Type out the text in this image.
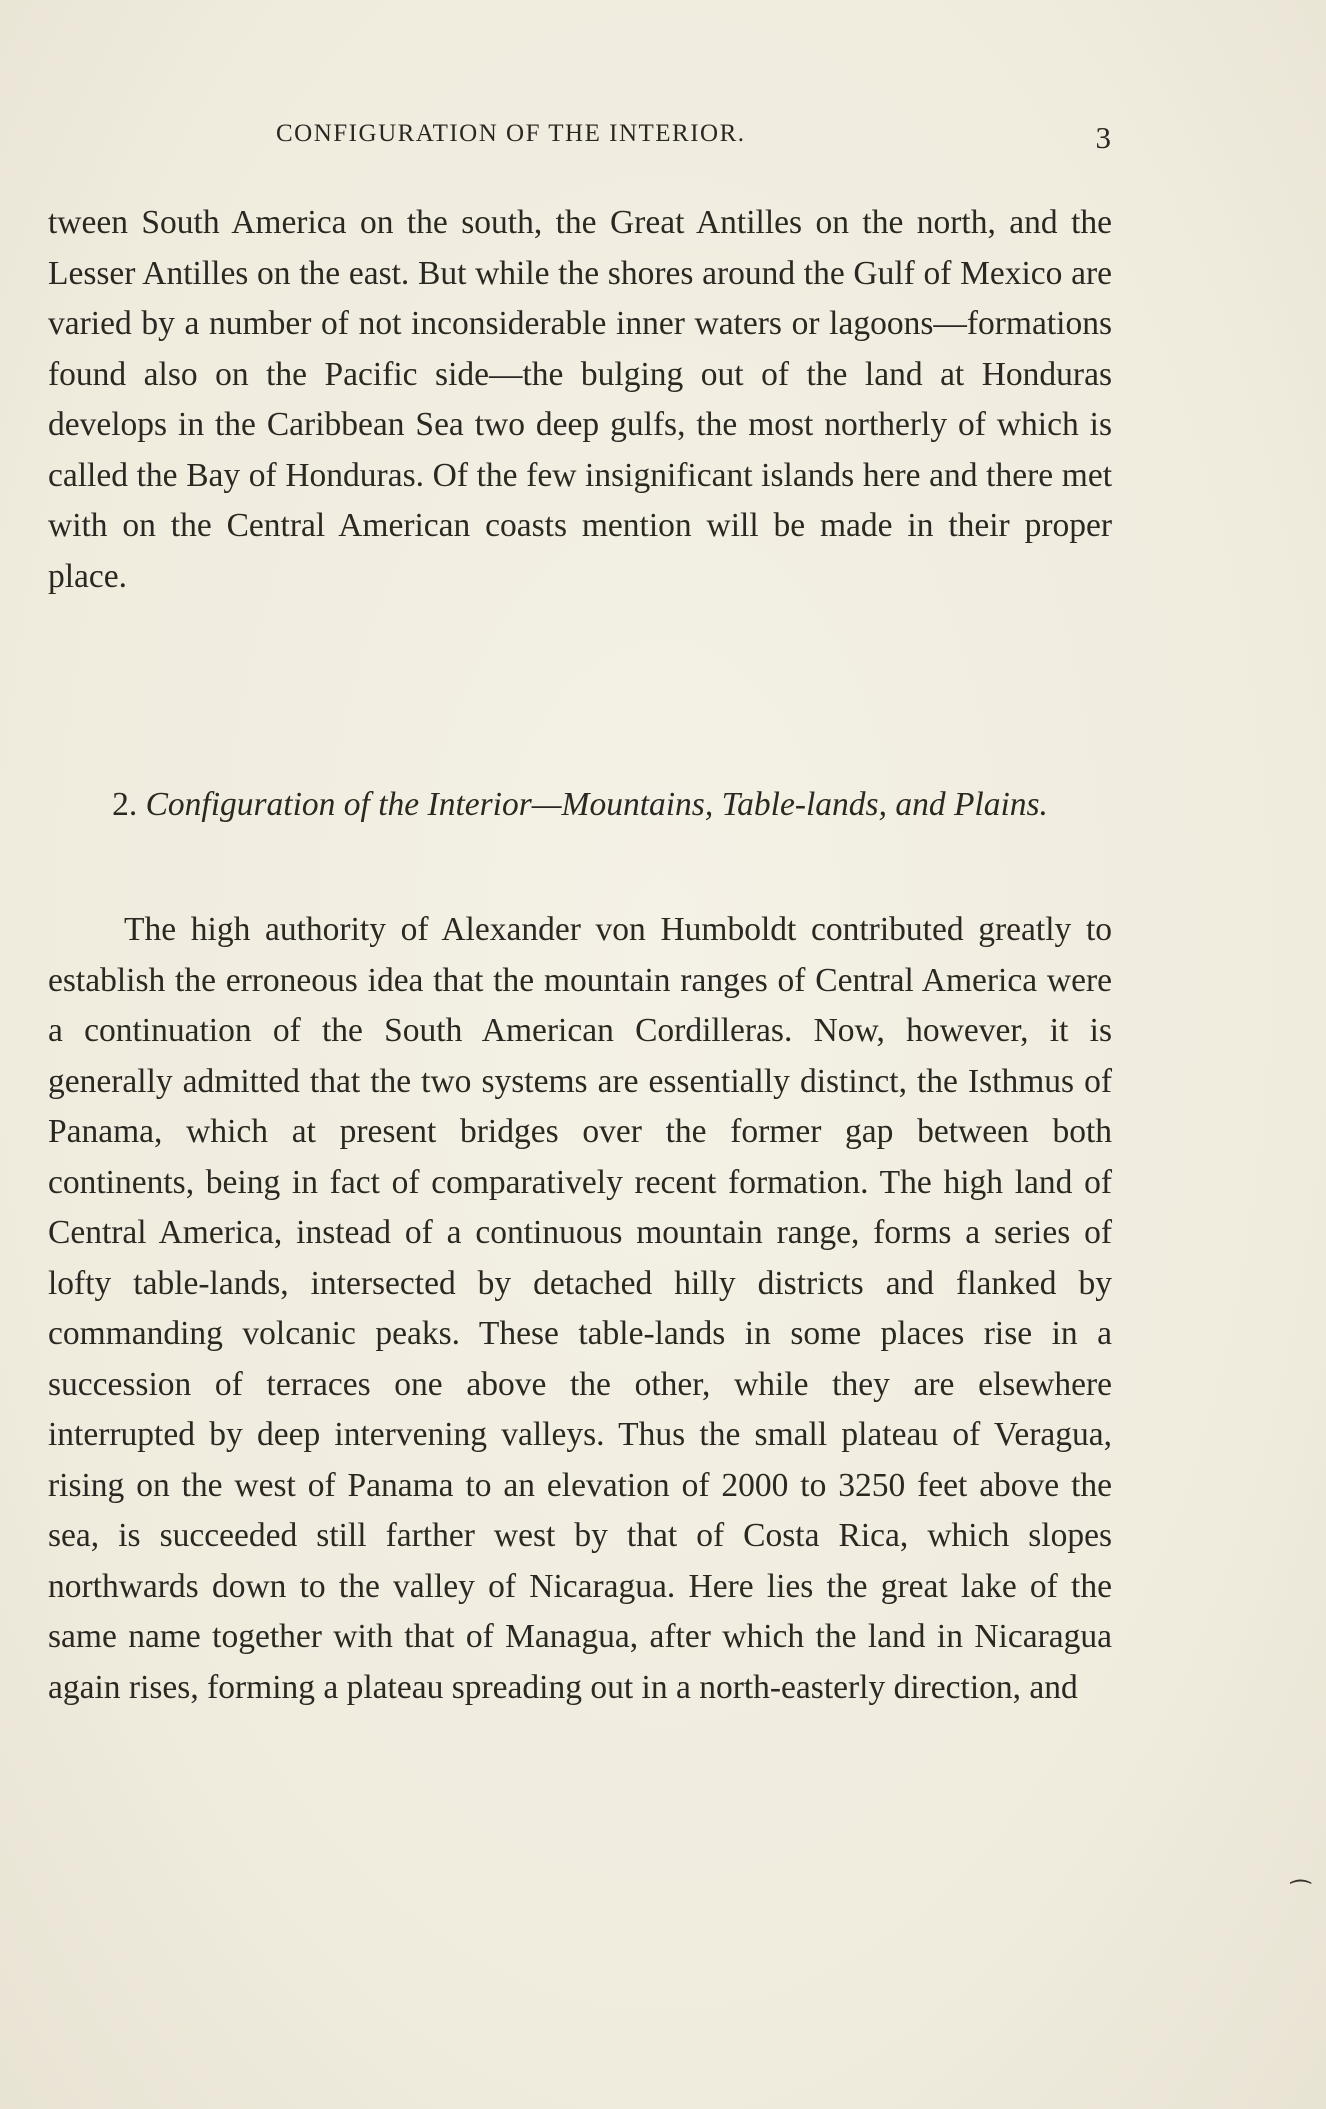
CONFIGURATION OF THE INTERIOR.	3
tween South America on the south, the Great Antilles on the north, and the Lesser Antilles on the east. But while the shores around the Gulf of Mexico are varied by a number of not inconsiderable inner waters or lagoons—formations found also on the Pacific side—the bulging out of the land at Honduras develops in the Caribbean Sea two deep gulfs, the most northerly of which is called the Bay of Honduras. Of the few insignificant islands here and there met with on the Central American coasts mention will be made in their proper place.
2. Configuration of the Interior—Mountains, Table-lands, and Plains.
The high authority of Alexander von Humboldt contributed greatly to establish the erroneous idea that the mountain ranges of Central America were a continuation of the South American Cordilleras. Now, however, it is generally admitted that the two systems are essentially distinct, the Isthmus of Panama, which at present bridges over the former gap between both continents, being in fact of comparatively recent formation. The high land of Central America, instead of a continuous mountain range, forms a series of lofty table-lands, intersected by detached hilly districts and flanked by commanding volcanic peaks. These table-lands in some places rise in a succession of terraces one above the other, while they are elsewhere interrupted by deep intervening valleys. Thus the small plateau of Veragua, rising on the west of Panama to an elevation of 2000 to 3250 feet above the sea, is succeeded still farther west by that of Costa Rica, which slopes northwards down to the valley of Nicaragua. Here lies the great lake of the same name together with that of Managua, after which the land in Nicaragua again rises, forming a plateau spreading out in a north-easterly direction, and
⁀
